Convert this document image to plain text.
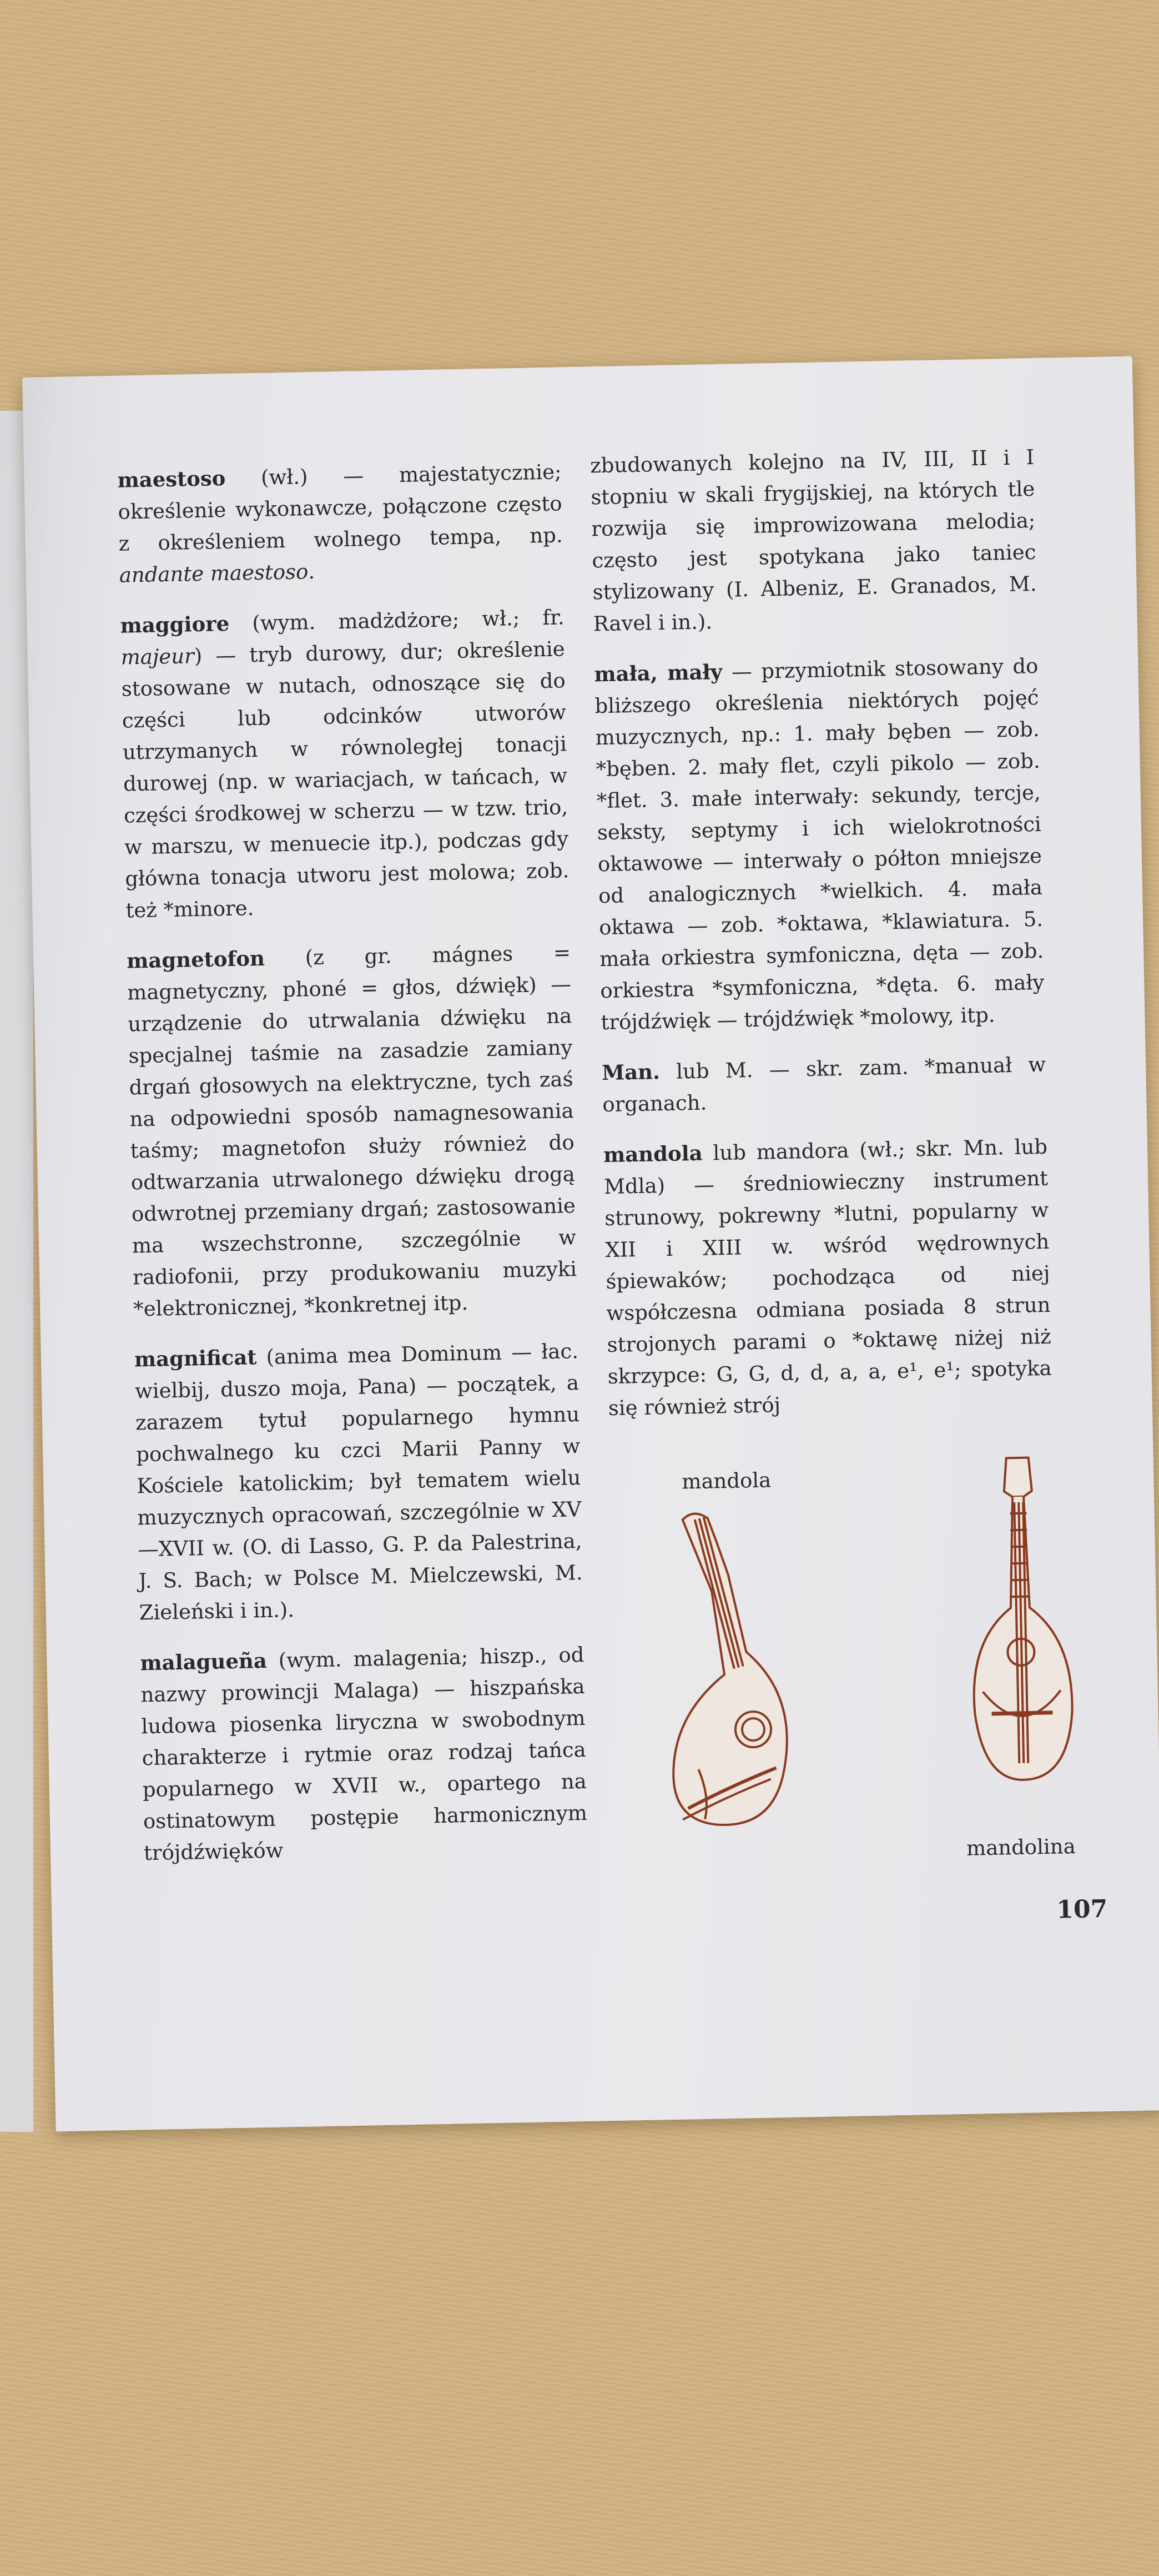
maestoso (wł.) — majestatycznie; określenie wykonawcze, połączone często z określeniem wolnego tempa, np. andante maestoso.

maggiore (wym. madżdżore; wł.; fr. majeur) — tryb durowy, dur; określenie stosowane w nutach, odnoszące się do części lub odcinków utworów utrzymanych w równoległej tonacji durowej (np. w wariacjach, w tańcach, w części środkowej w scherzu — w tzw. trio, w marszu, w menuecie itp.), podczas gdy główna tonacja utworu jest molowa; zob. też *minore.

magnetofon (z gr. mágnes = magnetyczny, phoné = głos, dźwięk) — urządzenie do utrwalania dźwięku na specjalnej taśmie na zasadzie zamiany drgań głosowych na elektryczne, tych zaś na odpowiedni sposób namagnesowania taśmy; magnetofon służy również do odtwarzania utrwalonego dźwięku drogą odwrotnej przemiany drgań; zastosowanie ma wszechstronne, szczególnie w radiofonii, przy produkowaniu muzyki *elektronicznej, *konkretnej itp.

magnificat (anima mea Dominum — łac. wielbij, duszo moja, Pana) — początek, a zarazem tytuł popularnego hymnu pochwalnego ku czci Marii Panny w Kościele katolickim; był tematem wielu muzycznych opracowań, szczególnie w XV—XVII w. (O. di Lasso, G. P. da Palestrina, J. S. Bach; w Polsce M. Mielczewski, M. Zieleński i in.).

malagueña (wym. malagenia; hiszp., od nazwy prowincji Malaga) — hiszpańska ludowa piosenka liryczna w swobodnym charakterze i rytmie oraz rodzaj tańca popularnego w XVII w., opartego na ostinatowym postępie harmonicznym trójdźwięków

zbudowanych kolejno na IV, III, II i I stopniu w skali frygijskiej, na których tle rozwija się improwizowana melodia; często jest spotykana jako taniec stylizowany (I. Albeniz, E. Granados, M. Ravel i in.).

mała, mały — przymiotnik stosowany do bliższego określenia niektórych pojęć muzycznych, np.: 1. mały bęben — zob. *bęben. 2. mały flet, czyli pikolo — zob. *flet. 3. małe interwały: sekundy, tercje, seksty, septymy i ich wielokrotności oktawowe — interwały o półton mniejsze od analogicznych *wielkich. 4. mała oktawa — zob. *oktawa, *klawiatura. 5. mała orkiestra symfoniczna, dęta — zob. orkiestra *symfoniczna, *dęta. 6. mały trójdźwięk — trójdźwięk *molowy, itp.

Man. lub M. — skr. zam. *manuał w organach.

mandola lub mandora (wł.; skr. Mn. lub Mdla) — średniowieczny instrument strunowy, pokrewny *lutni, popularny w XII i XIII w. wśród wędrownych śpiewaków; pochodząca od niej współczesna odmiana posiada 8 strun strojonych parami o *oktawę niżej niż skrzypce: G, G, d, d, a, a, e¹, e¹; spotyka się również strój

mandola
mandolina
107
